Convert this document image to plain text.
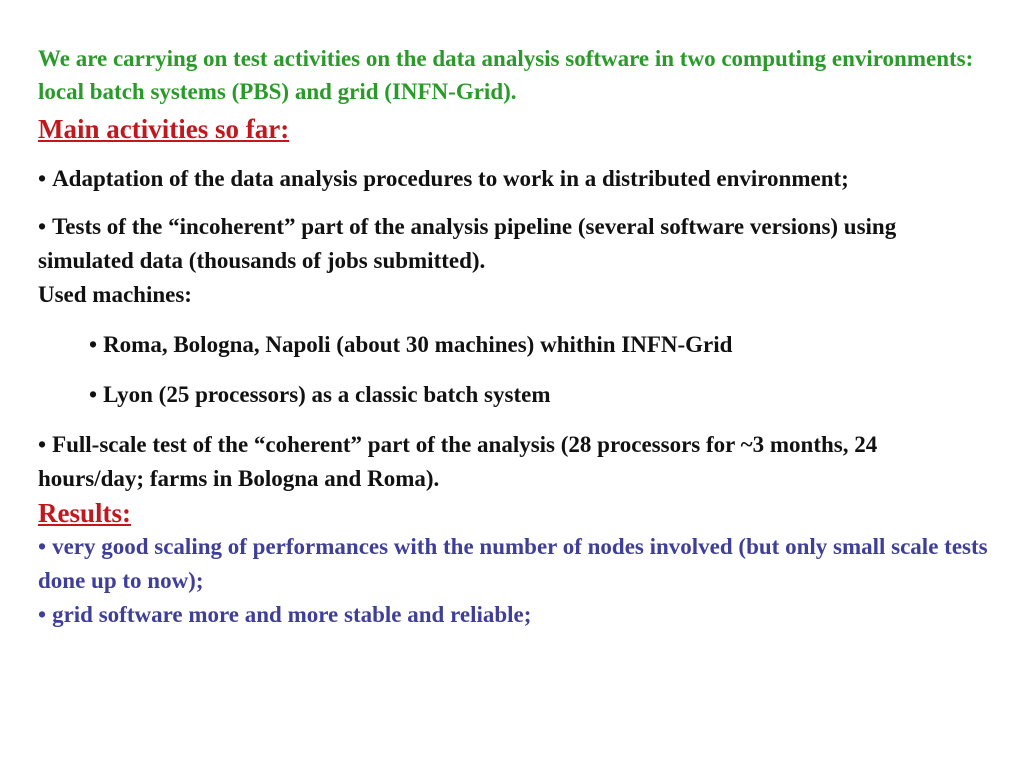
We are carrying on test activities on the data analysis software in two computing environments: local batch systems (PBS) and grid (INFN-Grid).

Main activities so far:

• Adaptation of the data analysis procedures to work in a distributed environment;

• Tests of the “incoherent” part of the analysis pipeline (several software versions) using simulated data (thousands of jobs submitted).

Used machines:

• Roma, Bologna, Napoli (about 30 machines) whithin INFN-Grid

• Lyon (25 processors) as a classic batch system

• Full-scale test of the “coherent” part of the analysis (28 processors for ~3 months, 24 hours/day; farms in Bologna and Roma).

Results:

• very good scaling of performances with the number of nodes involved (but only small scale tests done up to now);

• grid software more and more stable and reliable;
